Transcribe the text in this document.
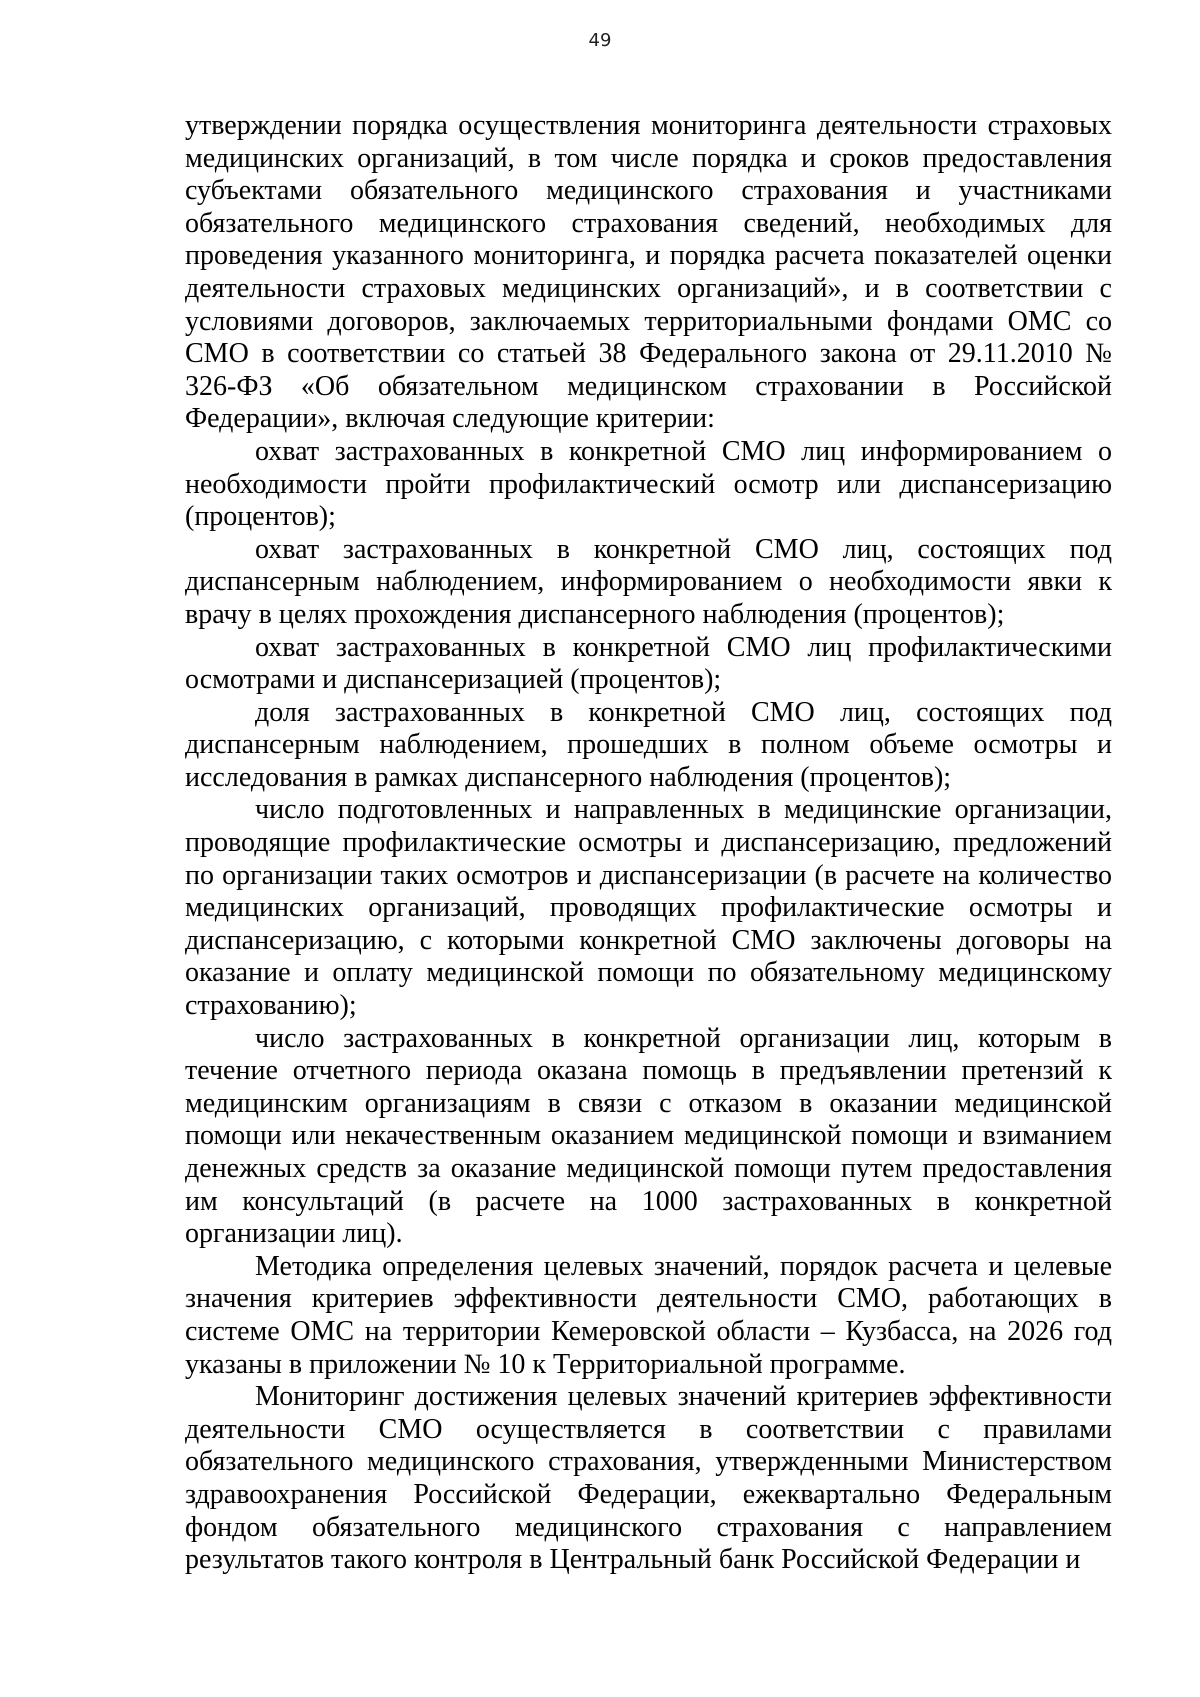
49

утверждении порядка осуществления мониторинга деятельности страховых медицинских организаций, в том числе порядка и сроков предоставления субъектами обязательного медицинского страхования и участниками обязательного медицинского страхования сведений, необходимых для проведения указанного мониторинга, и порядка расчета показателей оценки деятельности страховых медицинских организаций», и в соответствии с условиями договоров, заключаемых территориальными фондами ОМС со СМО в соответствии со статьей 38 Федерального закона от 29.11.2010 № 326-ФЗ «Об обязательном медицинском страховании в Российской Федерации», включая следующие критерии:

охват застрахованных в конкретной СМО лиц информированием о необходимости пройти профилактический осмотр или диспансеризацию (процентов);

охват застрахованных в конкретной СМО лиц, состоящих под диспансерным наблюдением, информированием о необходимости явки к врачу в целях прохождения диспансерного наблюдения (процентов);

охват застрахованных в конкретной СМО лиц профилактическими осмотрами и диспансеризацией (процентов);

доля застрахованных в конкретной СМО лиц, состоящих под диспансерным наблюдением, прошедших в полном объеме осмотры и исследования в рамках диспансерного наблюдения (процентов);

число подготовленных и направленных в медицинские организации, проводящие профилактические осмотры и диспансеризацию, предложений по организации таких осмотров и диспансеризации (в расчете на количество медицинских организаций, проводящих профилактические осмотры и диспансеризацию, с которыми конкретной СМО заключены договоры на оказание и оплату медицинской помощи по обязательному медицинскому страхованию);

число застрахованных в конкретной организации лиц, которым в течение отчетного периода оказана помощь в предъявлении претензий к медицинским организациям в связи с отказом в оказании медицинской помощи или некачественным оказанием медицинской помощи и взиманием денежных средств за оказание медицинской помощи путем предоставления им консультаций (в расчете на 1000 застрахованных в конкретной организации лиц).

Методика определения целевых значений, порядок расчета и целевые значения критериев эффективности деятельности СМО, работающих в системе ОМС на территории Кемеровской области – Кузбасса, на 2026 год указаны в приложении № 10 к Территориальной программе.

Мониторинг достижения целевых значений критериев эффективности деятельности СМО осуществляется в соответствии с правилами обязательного медицинского страхования, утвержденными Министерством здравоохранения Российской Федерации, ежеквартально Федеральным фондом обязательного медицинского страхования с направлением результатов такого контроля в Центральный банк Российской Федерации и
